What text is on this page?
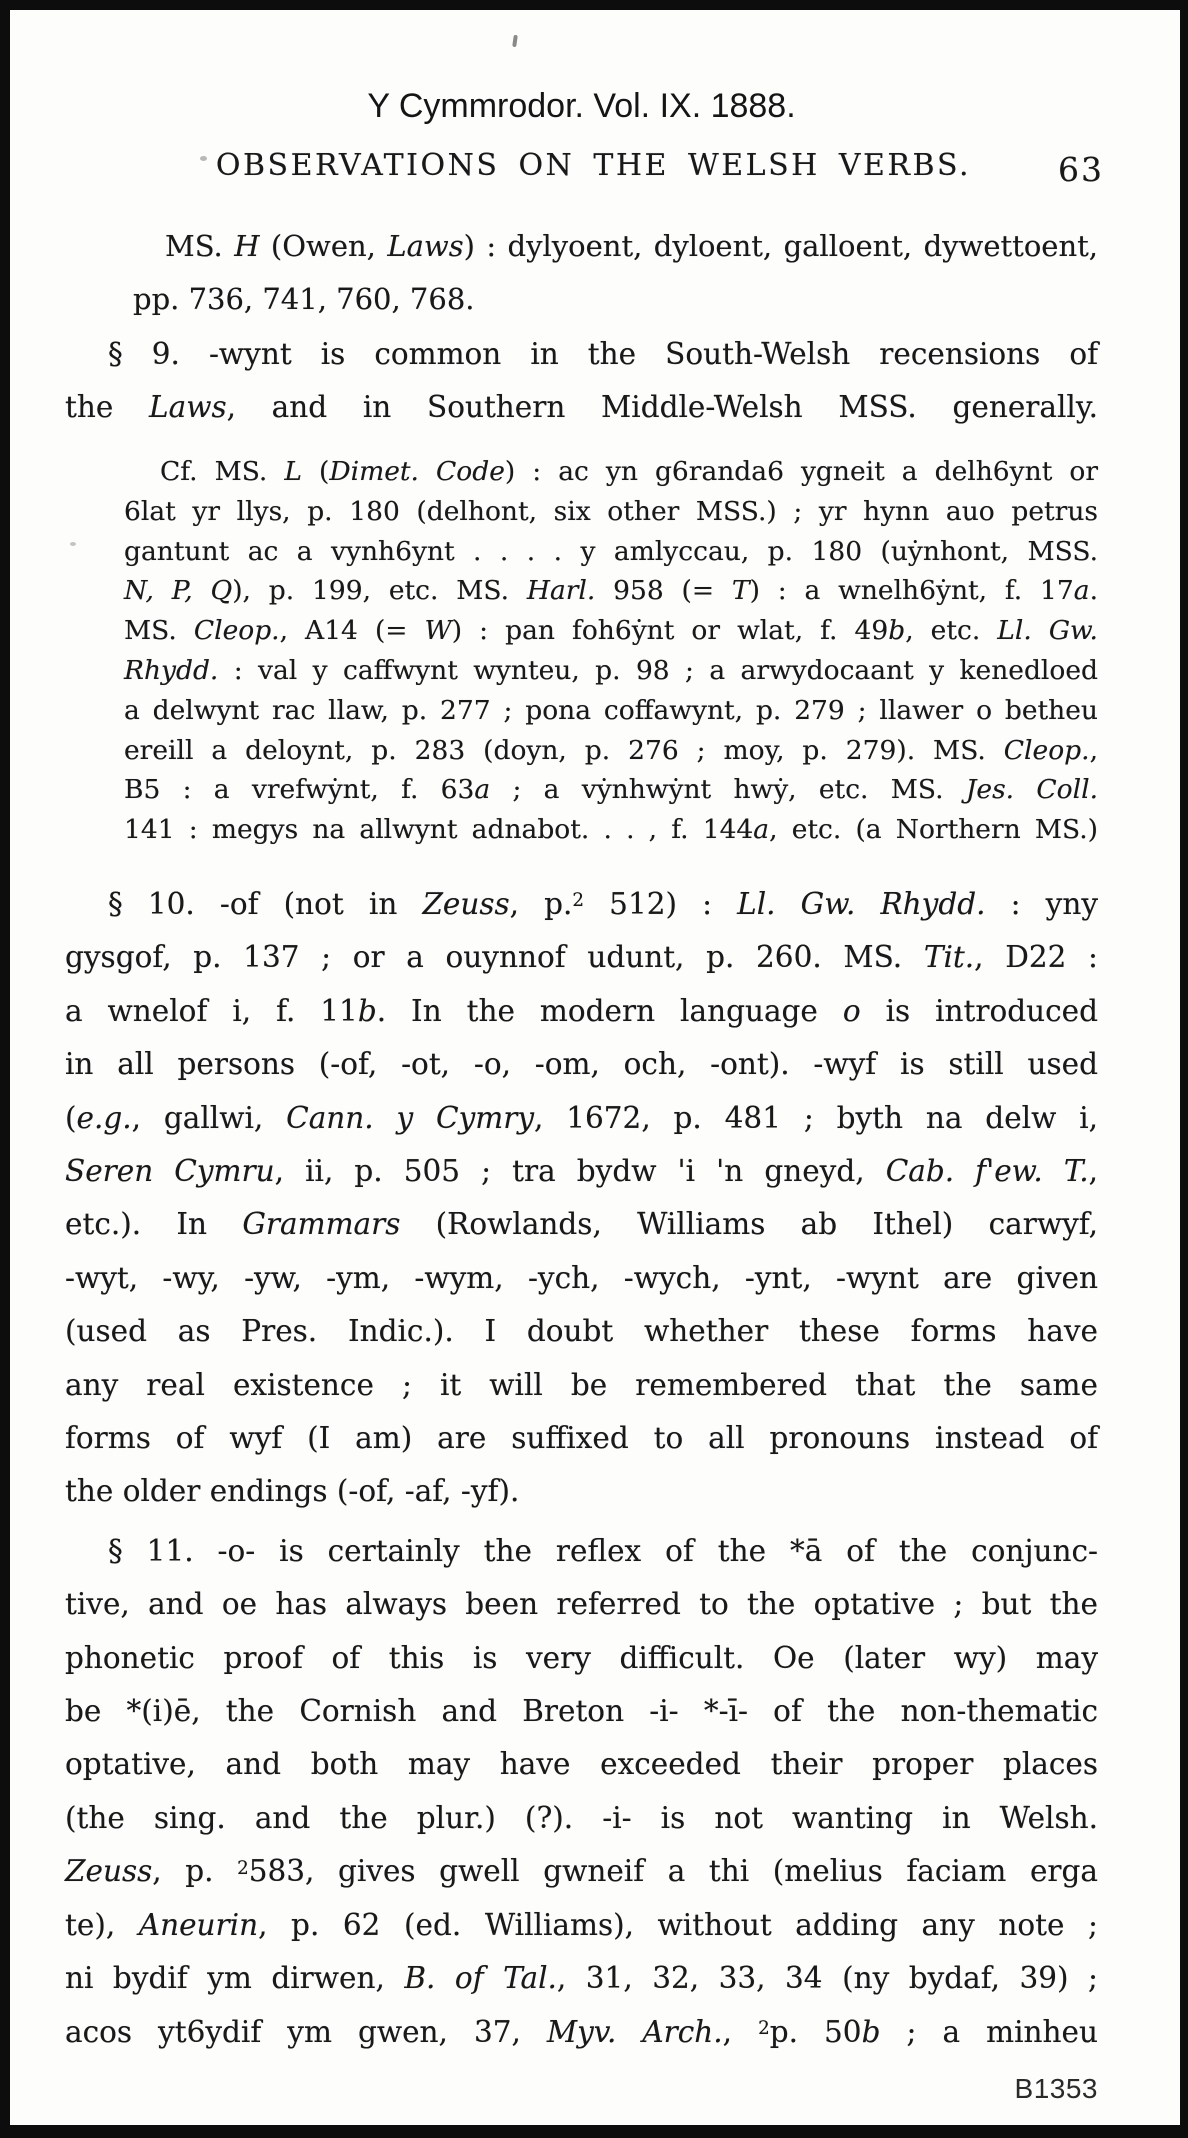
Y Cymmrodor. Vol. IX. 1888.
OBSERVATIONS ON THE WELSH VERBS.	63
MS. H (Owen, Laws) : dylyoent, dyloent, galloent, dywettoent,
pp. 736, 741, 760, 768.
§ 9. -wynt is common in the South-Welsh recensions of
the Laws, and in Southern Middle-Welsh MSS. generally.
Cf. MS. L (Dimet. Code) : ac yn g6randa6 ygneit a delh6ynt or
6lat yr llys, p. 180 (delhont, six other MSS.) ; yr hynn auo petrus
gantunt ac a vynh6ynt . . . . y amlyccau, p. 180 (uẏnhont, MSS.
N, P, Q), p. 199, etc. MS. Harl. 958 (= T) : a wnelh6ẏnt, f. 17a.
MS. Cleop., A14 (= W) : pan foh6ẏnt or wlat, f. 49b, etc. Ll. Gw.
Rhydd. : val y caffwynt wynteu, p. 98 ; a arwydocaant y kenedloed
a delwynt rac llaw, p. 277 ; pona coffawynt, p. 279 ; llawer o betheu
ereill a deloynt, p. 283 (doyn, p. 276 ; moy, p. 279). MS. Cleop.,
B5 : a vrefwẏnt, f. 63a ; a vẏnhwẏnt hwẏ, etc. MS. Jes. Coll.
141 : megys na allwynt adnabot. . . , f. 144a, etc. (a Northern MS.)
§ 10. -of (not in Zeuss, p.$^2$ 512) : Ll. Gw. Rhydd. : yny
gysgof, p. 137 ; or a ouynnof udunt, p. 260. MS. Tit., D22 :
a wnelof i, f. 11b. In the modern language o is introduced
in all persons (-of, -ot, -o, -om, och, -ont). -wyf is still used
(e.g., gallwi, Cann. y Cymry, 1672, p. 481 ; byth na delw i,
Seren Cymru, ii, p. 505 ; tra bydw 'i 'n gneyd, Cab. f'ew. T.,
etc.). In Grammars (Rowlands, Williams ab Ithel) carwyf,
-wyt, -wy, -yw, -ym, -wym, -ych, -wych, -ynt, -wynt are given
(used as Pres. Indic.). I doubt whether these forms have
any real existence ; it will be remembered that the same
forms of wyf (I am) are suffixed to all pronouns instead of
the older endings (-of, -af, -yf).
§ 11. -o- is certainly the reflex of the *ā of the conjunc-
tive, and oe has always been referred to the optative ; but the
phonetic proof of this is very difficult. Oe (later wy) may
be *(i)ē, the Cornish and Breton -i- *-ī- of the non-thematic
optative, and both may have exceeded their proper places
(the sing. and the plur.) (?). -i- is not wanting in Welsh.
Zeuss, p. $^2$583, gives gwell gwneif a thi (melius faciam erga
te), Aneurin, p. 62 (ed. Williams), without adding any note ;
ni bydif ym dirwen, B. of Tal., 31, 32, 33, 34 (ny bydaf, 39) ;
acos yt6ydif ym gwen, 37, Myv. Arch., $^2$p. 50b ; a minheu
B1353
